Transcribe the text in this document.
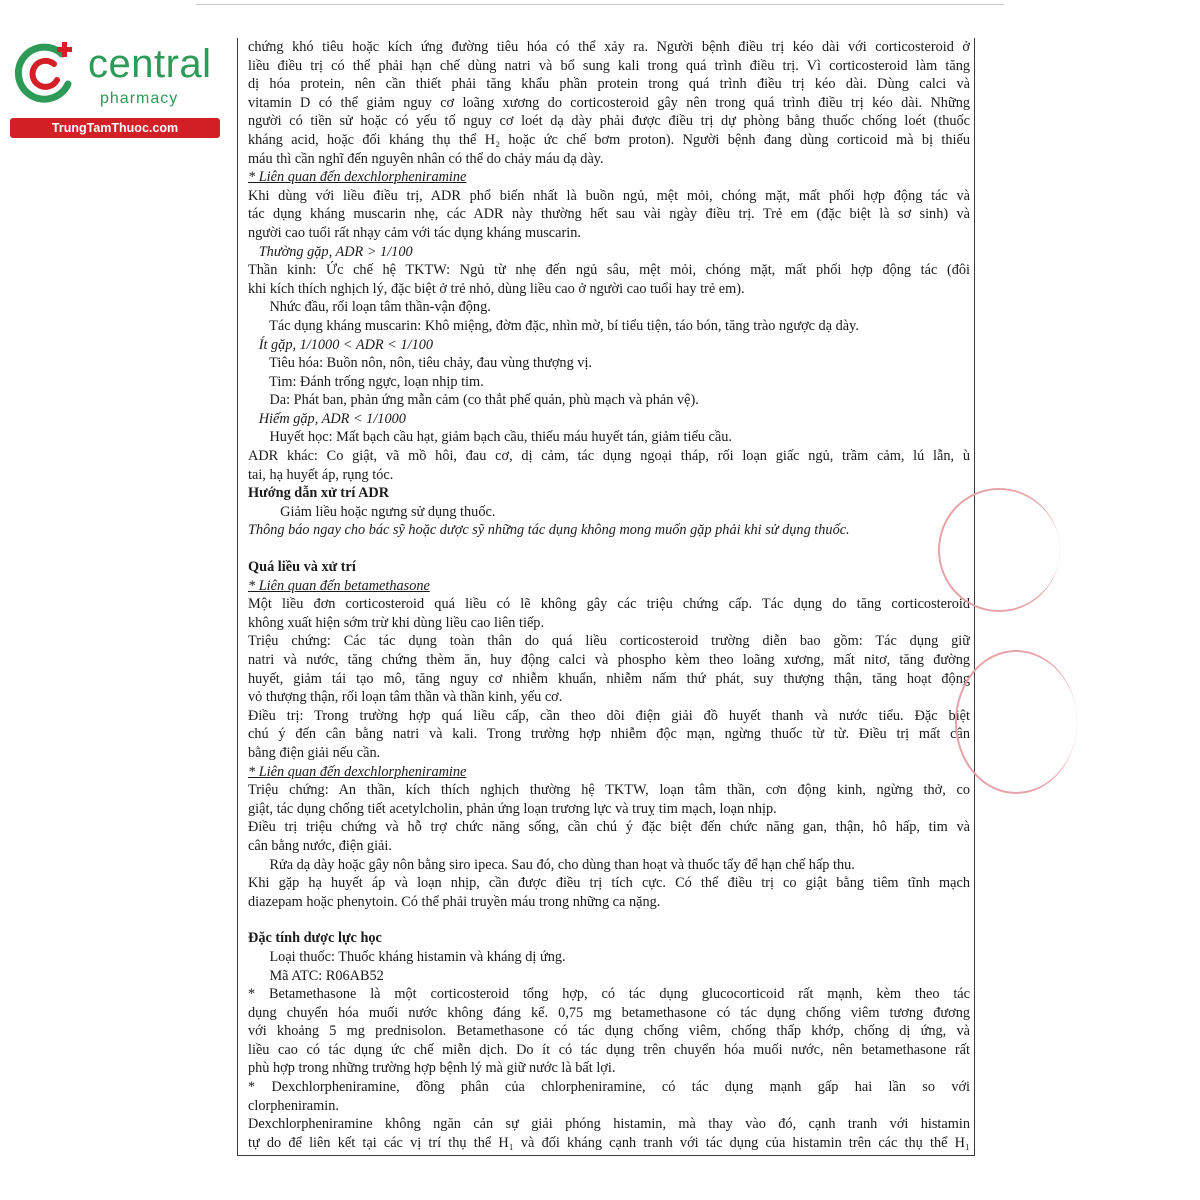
central
pharmacy
TrungTamThuoc.com
chứng khó tiêu hoặc kích ứng đường tiêu hóa có thể xảy ra. Người bệnh điều trị kéo dài với corticosteroid ở
liều điều trị có thể phải hạn chế dùng natri và bổ sung kali trong quá trình điều trị. Vì corticosteroid làm tăng
dị hóa protein, nên cần thiết phải tăng khẩu phần protein trong quá trình điều trị kéo dài. Dùng calci và
vitamin D có thể giảm nguy cơ loãng xương do corticosteroid gây nên trong quá trình điều trị kéo dài. Những
người có tiền sử hoặc có yếu tố nguy cơ loét dạ dày phải được điều trị dự phòng bằng thuốc chống loét (thuốc
kháng acid, hoặc đối kháng thụ thể H₂ hoặc ức chế bơm proton). Người bệnh đang dùng corticoid mà bị thiếu
máu thì cần nghĩ đến nguyên nhân có thể do chảy máu dạ dày.
* Liên quan đến dexchlorpheniramine
Khi dùng với liều điều trị, ADR phổ biến nhất là buồn ngủ, mệt mỏi, chóng mặt, mất phối hợp động tác và
tác dụng kháng muscarin nhẹ, các ADR này thường hết sau vài ngày điều trị. Trẻ em (đặc biệt là sơ sinh) và
người cao tuổi rất nhạy cảm với tác dụng kháng muscarin.
Thường gặp, ADR > 1/100
Thần kinh: Ức chế hệ TKTW: Ngủ từ nhẹ đến ngủ sâu, mệt mỏi, chóng mặt, mất phối hợp động tác (đôi
khi kích thích nghịch lý, đặc biệt ở trẻ nhỏ, dùng liều cao ở người cao tuổi hay trẻ em).
Nhức đầu, rối loạn tâm thần-vận động.
Tác dụng kháng muscarin: Khô miệng, đờm đặc, nhìn mờ, bí tiểu tiện, táo bón, tăng trào ngược dạ dày.
Ít gặp, 1/1000 < ADR < 1/100
Tiêu hóa: Buồn nôn, nôn, tiêu chảy, đau vùng thượng vị.
Tim: Đánh trống ngực, loạn nhịp tim.
Da: Phát ban, phản ứng mẫn cảm (co thắt phế quản, phù mạch và phản vệ).
Hiếm gặp, ADR < 1/1000
Huyết học: Mất bạch cầu hạt, giảm bạch cầu, thiếu máu huyết tán, giảm tiểu cầu.
ADR khác: Co giật, vã mồ hôi, đau cơ, dị cảm, tác dụng ngoại tháp, rối loạn giấc ngủ, trầm cảm, lú lẫn, ù
tai, hạ huyết áp, rụng tóc.
Hướng dẫn xử trí ADR
Giảm liều hoặc ngưng sử dụng thuốc.
Thông báo ngay cho bác sỹ hoặc dược sỹ những tác dụng không mong muốn gặp phải khi sử dụng thuốc.
Quá liều và xử trí
* Liên quan đến betamethasone
Một liều đơn corticosteroid quá liều có lẽ không gây các triệu chứng cấp. Tác dụng do tăng corticosteroid
không xuất hiện sớm trừ khi dùng liều cao liên tiếp.
Triệu chứng: Các tác dụng toàn thân do quá liều corticosteroid trường diễn bao gồm: Tác dụng giữ
natri và nước, tăng chứng thèm ăn, huy động calci và phospho kèm theo loãng xương, mất nitơ, tăng đường
huyết, giảm tái tạo mô, tăng nguy cơ nhiễm khuẩn, nhiễm nấm thứ phát, suy thượng thận, tăng hoạt động
vỏ thượng thận, rối loạn tâm thần và thần kinh, yếu cơ.
Điều trị: Trong trường hợp quá liều cấp, cần theo dõi điện giải đồ huyết thanh và nước tiểu. Đặc biệt
chú ý đến cân bằng natri và kali. Trong trường hợp nhiễm độc mạn, ngừng thuốc từ từ. Điều trị mất cân
bằng điện giải nếu cần.
* Liên quan đến dexchlorpheniramine
Triệu chứng: An thần, kích thích nghịch thường hệ TKTW, loạn tâm thần, cơn động kinh, ngừng thở, co
giật, tác dụng chống tiết acetylcholin, phản ứng loạn trương lực và truỵ tim mạch, loạn nhịp.
Điều trị triệu chứng và hỗ trợ chức năng sống, cần chú ý đặc biệt đến chức năng gan, thận, hô hấp, tim và
cân bằng nước, điện giải.
Rửa dạ dày hoặc gây nôn bằng siro ipeca. Sau đó, cho dùng than hoạt và thuốc tẩy để hạn chế hấp thu.
Khi gặp hạ huyết áp và loạn nhịp, cần được điều trị tích cực. Có thể điều trị co giật bằng tiêm tĩnh mạch
diazepam hoặc phenytoin. Có thể phải truyền máu trong những ca nặng.
Đặc tính dược lực học
Loại thuốc: Thuốc kháng histamin và kháng dị ứng.
Mã ATC: R06AB52
* Betamethasone là một corticosteroid tổng hợp, có tác dụng glucocorticoid rất mạnh, kèm theo tác
dụng chuyển hóa muối nước không đáng kể. 0,75 mg betamethasone có tác dụng chống viêm tương đương
với khoảng 5 mg prednisolon. Betamethasone có tác dụng chống viêm, chống thấp khớp, chống dị ứng, và
liều cao có tác dụng ức chế miễn dịch. Do ít có tác dụng trên chuyển hóa muối nước, nên betamethasone rất
phù hợp trong những trường hợp bệnh lý mà giữ nước là bất lợi.
* Dexchlorpheniramine, đồng phân của chlorpheniramine, có tác dụng mạnh gấp hai lần so với
clorpheniramin.
Dexchlorpheniramine không ngăn cản sự giải phóng histamin, mà thay vào đó, cạnh tranh với histamin
tự do để liên kết tại các vị trí thụ thể H₁ và đối kháng cạnh tranh với tác dụng của histamin trên các thụ thể H₁
